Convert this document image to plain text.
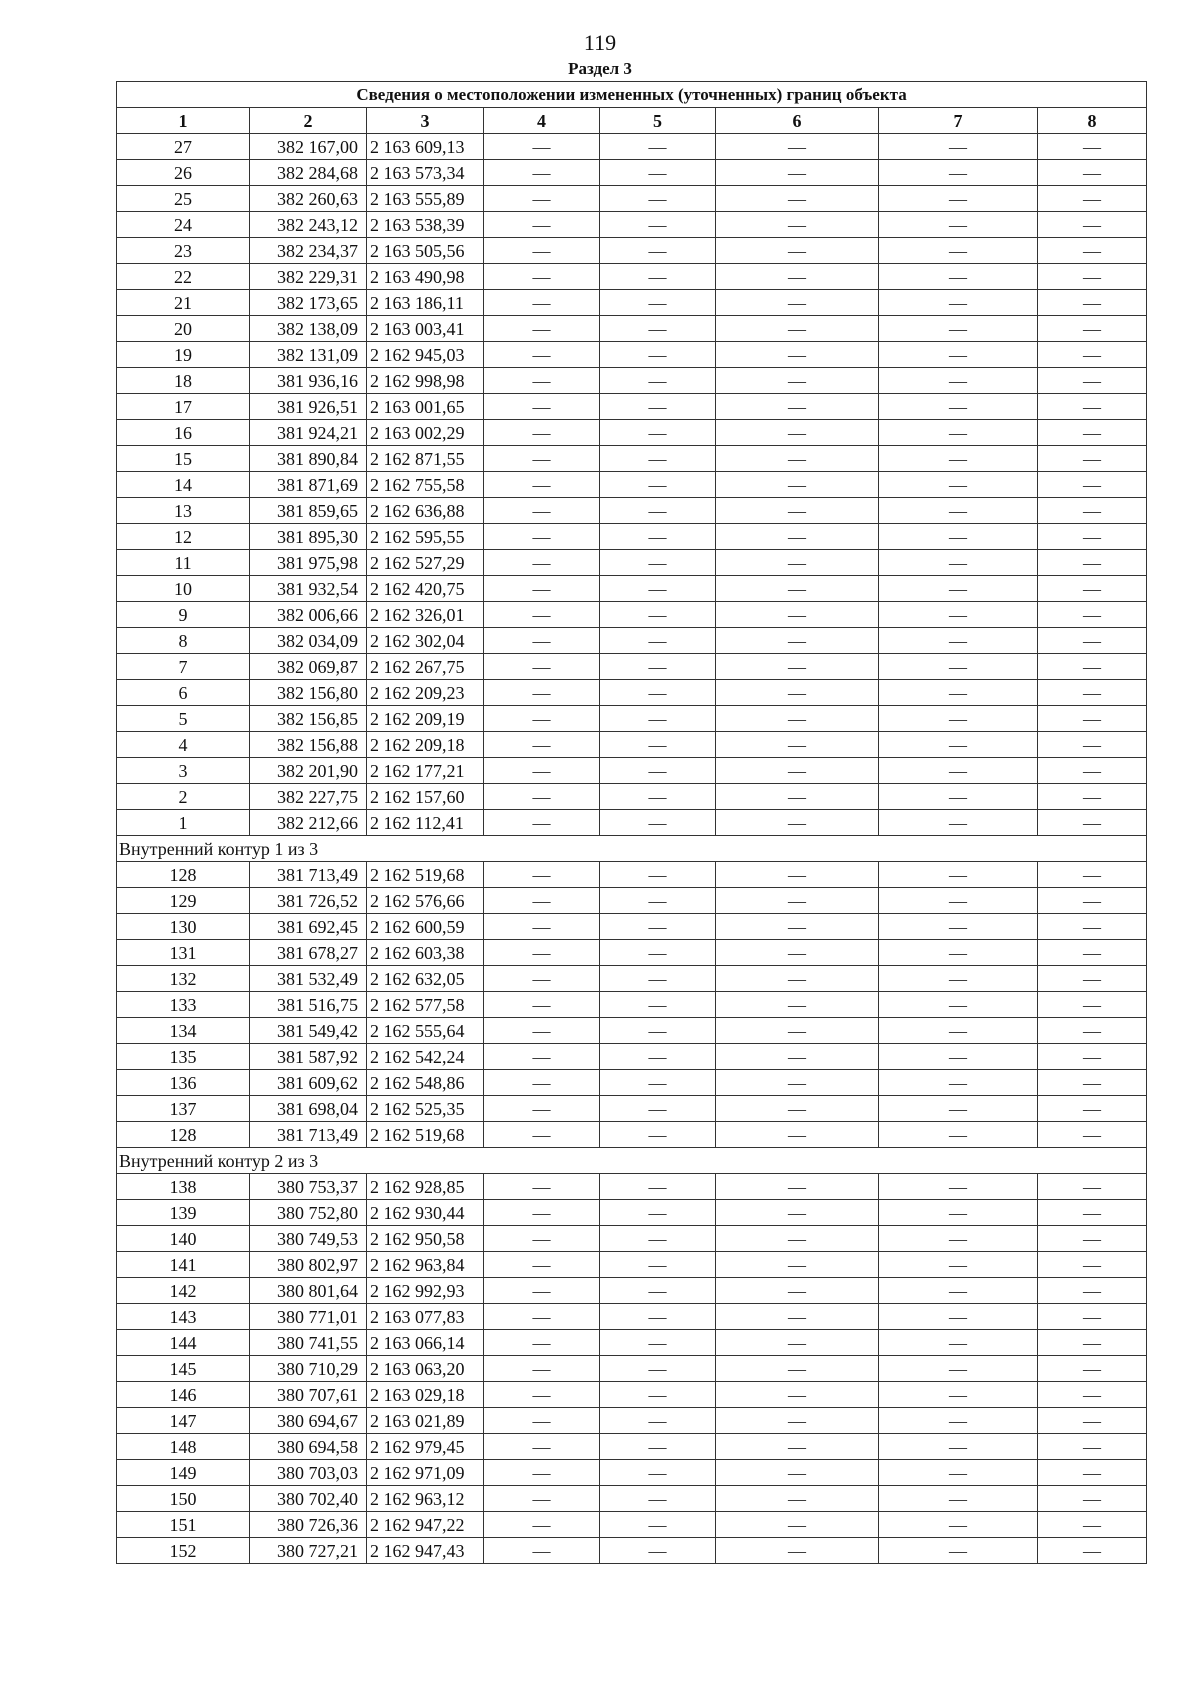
119
Раздел 3
Сведения о местоположении измененных (уточненных) границ объекта							
1	2	3	4	5	6	7	8
27	382 167,00	2 163 609,13	—	—	—	—	—
26	382 284,68	2 163 573,34	—	—	—	—	—
25	382 260,63	2 163 555,89	—	—	—	—	—
24	382 243,12	2 163 538,39	—	—	—	—	—
23	382 234,37	2 163 505,56	—	—	—	—	—
22	382 229,31	2 163 490,98	—	—	—	—	—
21	382 173,65	2 163 186,11	—	—	—	—	—
20	382 138,09	2 163 003,41	—	—	—	—	—
19	382 131,09	2 162 945,03	—	—	—	—	—
18	381 936,16	2 162 998,98	—	—	—	—	—
17	381 926,51	2 163 001,65	—	—	—	—	—
16	381 924,21	2 163 002,29	—	—	—	—	—
15	381 890,84	2 162 871,55	—	—	—	—	—
14	381 871,69	2 162 755,58	—	—	—	—	—
13	381 859,65	2 162 636,88	—	—	—	—	—
12	381 895,30	2 162 595,55	—	—	—	—	—
11	381 975,98	2 162 527,29	—	—	—	—	—
10	381 932,54	2 162 420,75	—	—	—	—	—
9	382 006,66	2 162 326,01	—	—	—	—	—
8	382 034,09	2 162 302,04	—	—	—	—	—
7	382 069,87	2 162 267,75	—	—	—	—	—
6	382 156,80	2 162 209,23	—	—	—	—	—
5	382 156,85	2 162 209,19	—	—	—	—	—
4	382 156,88	2 162 209,18	—	—	—	—	—
3	382 201,90	2 162 177,21	—	—	—	—	—
2	382 227,75	2 162 157,60	—	—	—	—	—
1	382 212,66	2 162 112,41	—	—	—	—	—
Внутренний контур 1 из 3							
128	381 713,49	2 162 519,68	—	—	—	—	—
129	381 726,52	2 162 576,66	—	—	—	—	—
130	381 692,45	2 162 600,59	—	—	—	—	—
131	381 678,27	2 162 603,38	—	—	—	—	—
132	381 532,49	2 162 632,05	—	—	—	—	—
133	381 516,75	2 162 577,58	—	—	—	—	—
134	381 549,42	2 162 555,64	—	—	—	—	—
135	381 587,92	2 162 542,24	—	—	—	—	—
136	381 609,62	2 162 548,86	—	—	—	—	—
137	381 698,04	2 162 525,35	—	—	—	—	—
128	381 713,49	2 162 519,68	—	—	—	—	—
Внутренний контур 2 из 3							
138	380 753,37	2 162 928,85	—	—	—	—	—
139	380 752,80	2 162 930,44	—	—	—	—	—
140	380 749,53	2 162 950,58	—	—	—	—	—
141	380 802,97	2 162 963,84	—	—	—	—	—
142	380 801,64	2 162 992,93	—	—	—	—	—
143	380 771,01	2 163 077,83	—	—	—	—	—
144	380 741,55	2 163 066,14	—	—	—	—	—
145	380 710,29	2 163 063,20	—	—	—	—	—
146	380 707,61	2 163 029,18	—	—	—	—	—
147	380 694,67	2 163 021,89	—	—	—	—	—
148	380 694,58	2 162 979,45	—	—	—	—	—
149	380 703,03	2 162 971,09	—	—	—	—	—
150	380 702,40	2 162 963,12	—	—	—	—	—
151	380 726,36	2 162 947,22	—	—	—	—	—
152	380 727,21	2 162 947,43	—	—	—	—	—
